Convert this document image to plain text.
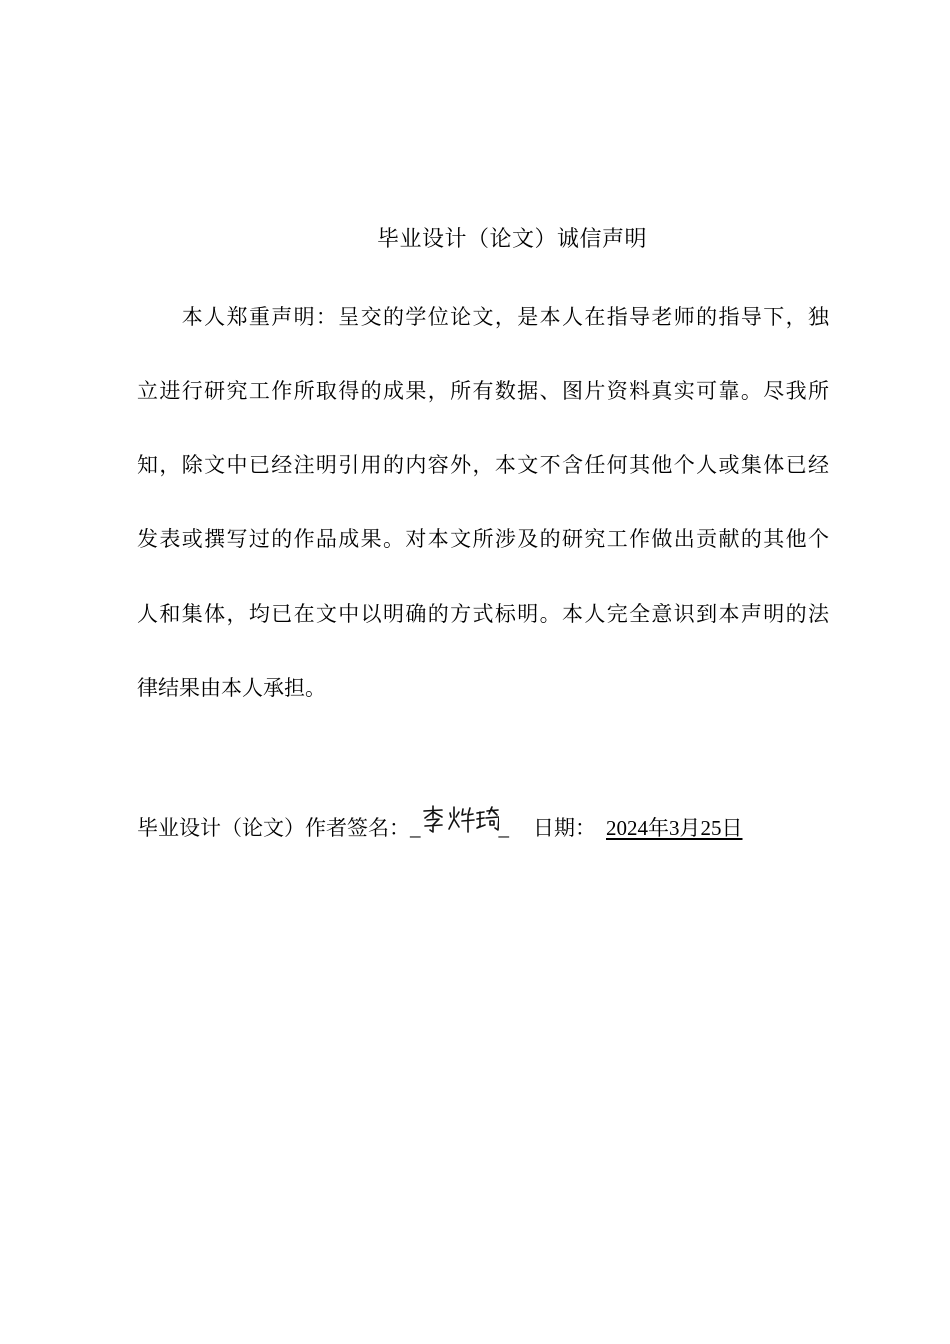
毕业设计（论文）诚信声明
　　本人郑重声明：呈交的学位论文，是本人在指导老师的指导下，独
立进行研究工作所取得的成果，所有数据、图片资料真实可靠。尽我所
知，除文中已经注明引用的内容外，本文不含任何其他个人或集体已经
发表或撰写过的作品成果。对本文所涉及的研究工作做出贡献的其他个
人和集体，均已在文中以明确的方式标明。本人完全意识到本声明的法
律结果由本人承担。
毕业设计（论文）作者签名： _	_ 日期： 2024年3月25日
